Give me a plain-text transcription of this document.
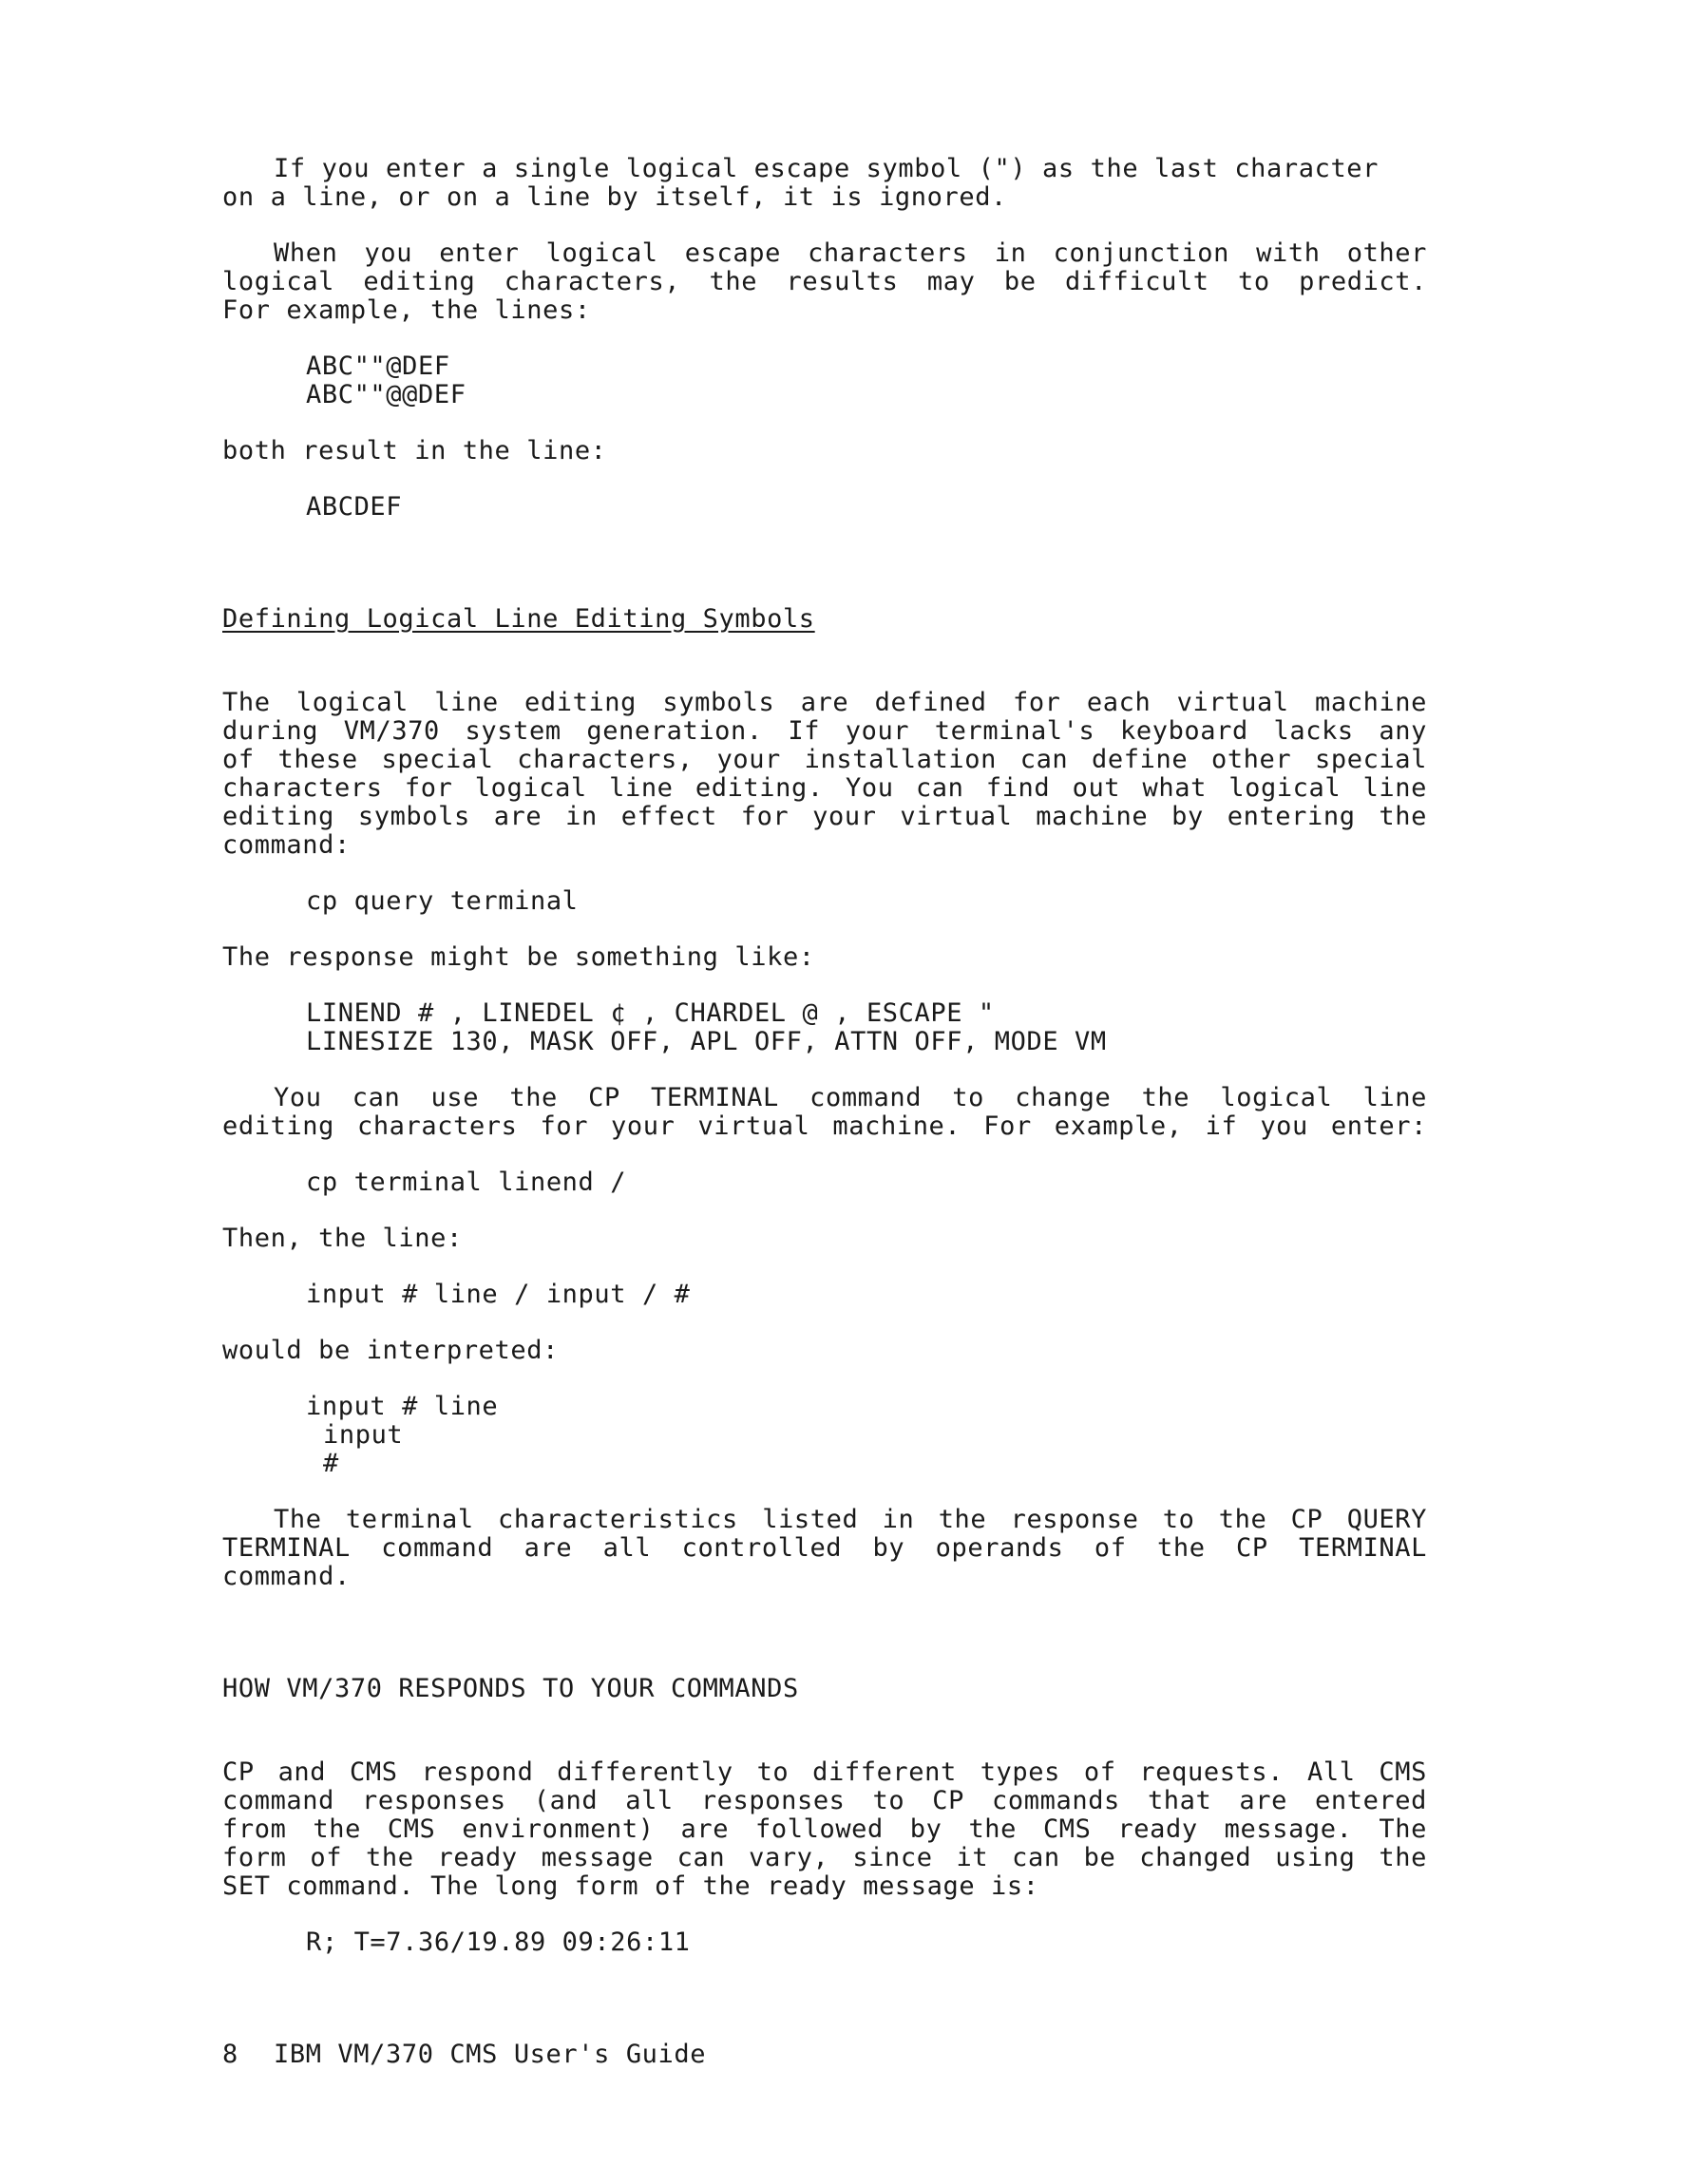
If you enter a single logical escape symbol (") as the last character
on a line, or on a line by itself, it is ignored.
When you enter logical escape characters in conjunction with other
logical editing characters, the results may be difficult to predict.
For example, the lines:
ABC""@DEF
ABC""@@DEF
both result in the line:
ABCDEF
Defining Logical Line Editing Symbols
The logical line editing symbols are defined for each virtual machine
during VM/370 system generation. If your terminal's keyboard lacks any
of these special characters, your installation can define other special
characters for logical line editing. You can find out what logical line
editing symbols are in effect for your virtual machine by entering the
command:
cp query terminal
The response might be something like:
LINEND # , LINEDEL ¢ , CHARDEL @ , ESCAPE "
LINESIZE 130, MASK OFF, APL OFF, ATTN OFF, MODE VM
You can use the CP TERMINAL command to change the logical line
editing characters for your virtual machine. For example, if you enter:
cp terminal linend /
Then, the line:
input # line / input / #
would be interpreted:
input # line
input
#
The terminal characteristics listed in the response to the CP QUERY
TERMINAL command are all controlled by operands of the CP TERMINAL
command.
HOW VM/370 RESPONDS TO YOUR COMMANDS
CP and CMS respond differently to different types of requests. All CMS
command responses (and all responses to CP commands that are entered
from the CMS environment) are followed by the CMS ready message. The
form of the ready message can vary, since it can be changed using the
SET command. The long form of the ready message is:
R; T=7.36/19.89 09:26:11
8 IBM VM/370 CMS User's Guide
